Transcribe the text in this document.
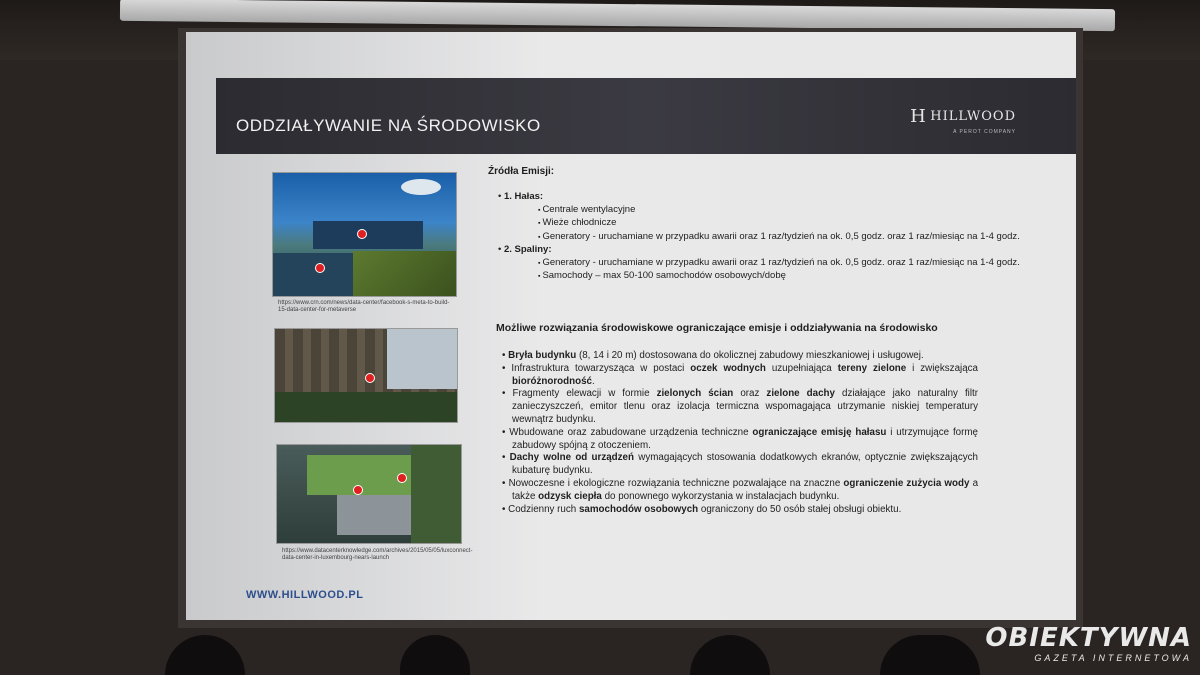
ODDZIAŁYWANIE NA ŚRODOWISKO	H HILLWOOD
A PEROT COMPANY
https://www.crn.com/news/data-center/facebook-s-meta-to-build-15-data-center-for-metaverse
https://www.datacenterknowledge.com/archives/2015/05/05/luxconnect-data-center-in-luxembourg-nears-launch
Źródła Emisji:
• 1. Hałas:
▪ Centrale wentylacyjne
▪ Wieże chłodnicze
▪ Generatory - uruchamiane w przypadku awarii oraz 1 raz/tydzień na ok. 0,5 godz. oraz 1 raz/miesiąc na 1-4 godz.
• 2. Spaliny:
▪ Generatory - uruchamiane w przypadku awarii oraz 1 raz/tydzień na ok. 0,5 godz. oraz 1 raz/miesiąc na 1-4 godz.
▪ Samochody – max 50-100 samochodów osobowych/dobę
Możliwe rozwiązania środowiskowe ograniczające emisje i oddziaływania na środowisko
• Bryła budynku (8, 14 i 20 m) dostosowana do okolicznej zabudowy mieszkaniowej i usługowej.
• Infrastruktura towarzysząca w postaci oczek wodnych uzupełniająca tereny zielone i zwiększająca bioróżnorodność.
• Fragmenty elewacji w formie zielonych ścian oraz zielone dachy działające jako naturalny filtr zanieczyszczeń, emitor tlenu oraz izolacja termiczna wspomagająca utrzymanie niskiej temperatury wewnątrz budynku.
• Wbudowane oraz zabudowane urządzenia techniczne ograniczające emisję hałasu i utrzymujące formę zabudowy spójną z otoczeniem.
• Dachy wolne od urządzeń wymagających stosowania dodatkowych ekranów, optycznie zwiększających kubaturę budynku.
• Nowoczesne i ekologiczne rozwiązania techniczne pozwalające na znaczne ograniczenie zużycia wody a także odzysk ciepła do ponownego wykorzystania w instalacjach budynku.
• Codzienny ruch samochodów osobowych ograniczony do 50 osób stałej obsługi obiektu.
WWW.HILLWOOD.PL
OBIEKTYWNA
GAZETA INTERNETOWA
